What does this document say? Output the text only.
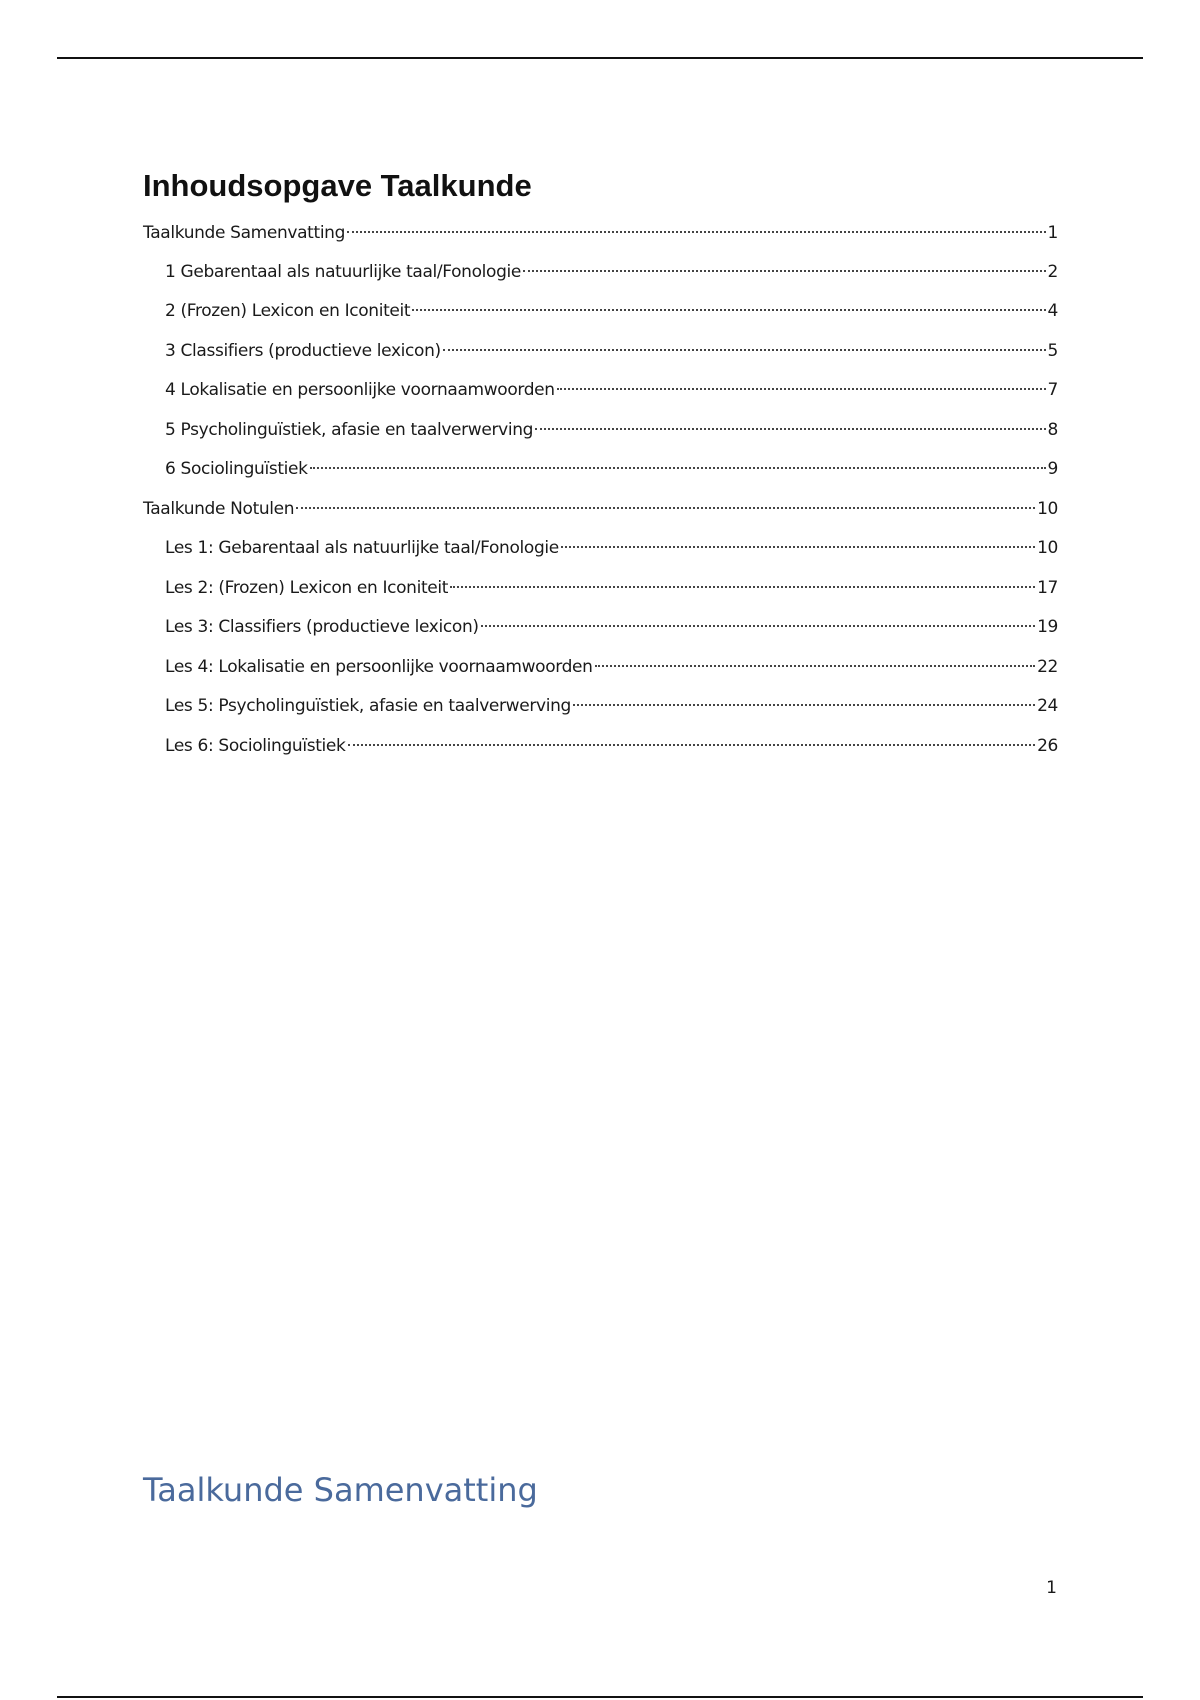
Inhoudsopgave Taalkunde
Taalkunde Samenvatting	1
1 Gebarentaal als natuurlijke taal/Fonologie	2
2 (Frozen) Lexicon en Iconiteit	4
3 Classifiers (productieve lexicon)	5
4 Lokalisatie en persoonlijke voornaamwoorden	7
5 Psycholinguïstiek, afasie en taalverwerving	8
6 Sociolinguïstiek	9
Taalkunde Notulen	10
Les 1: Gebarentaal als natuurlijke taal/Fonologie	10
Les 2: (Frozen) Lexicon en Iconiteit	17
Les 3: Classifiers (productieve lexicon)	19
Les 4: Lokalisatie en persoonlijke voornaamwoorden	22
Les 5: Psycholinguïstiek, afasie en taalverwerving	24
Les 6: Sociolinguïstiek	26
Taalkunde Samenvatting
1
